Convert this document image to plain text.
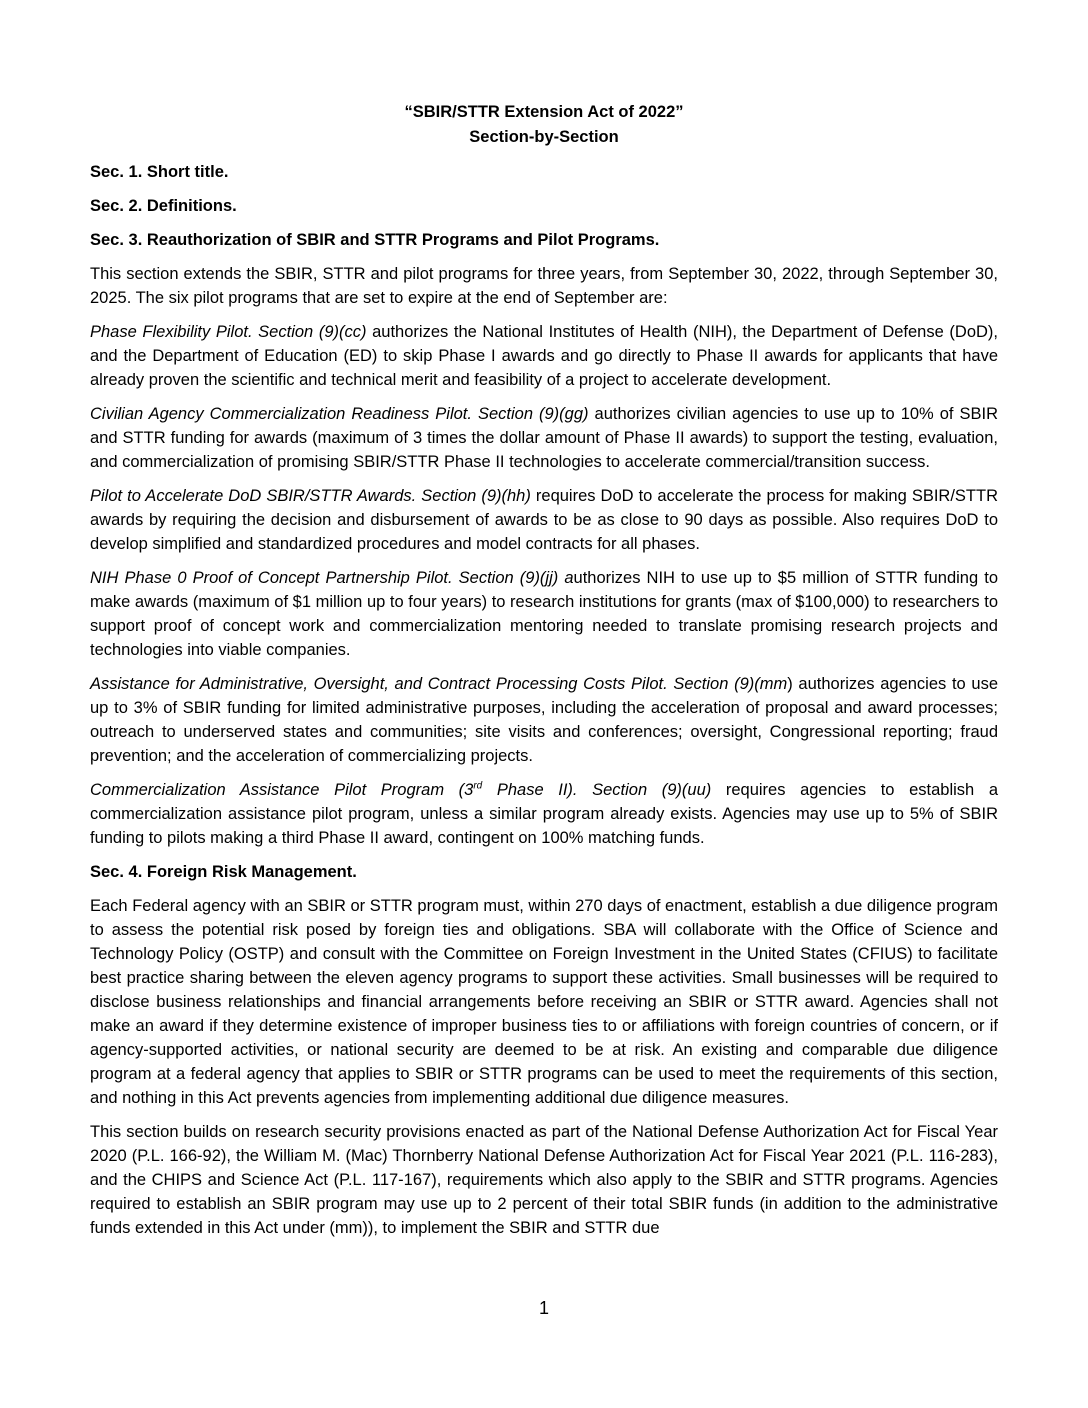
“SBIR/STTR Extension Act of 2022”
Section-by-Section
Sec. 1. Short title.
Sec. 2. Definitions.
Sec. 3. Reauthorization of SBIR and STTR Programs and Pilot Programs.

This section extends the SBIR, STTR and pilot programs for three years, from September 30, 2022, through September 30, 2025. The six pilot programs that are set to expire at the end of September are:

Phase Flexibility Pilot. Section (9)(cc) authorizes the National Institutes of Health (NIH), the Department of Defense (DoD), and the Department of Education (ED) to skip Phase I awards and go directly to Phase II awards for applicants that have already proven the scientific and technical merit and feasibility of a project to accelerate development.

Civilian Agency Commercialization Readiness Pilot. Section (9)(gg) authorizes civilian agencies to use up to 10% of SBIR and STTR funding for awards (maximum of 3 times the dollar amount of Phase II awards) to support the testing, evaluation, and commercialization of promising SBIR/STTR Phase II technologies to accelerate commercial/transition success.

Pilot to Accelerate DoD SBIR/STTR Awards. Section (9)(hh) requires DoD to accelerate the process for making SBIR/STTR awards by requiring the decision and disbursement of awards to be as close to 90 days as possible. Also requires DoD to develop simplified and standardized procedures and model contracts for all phases.

NIH Phase 0 Proof of Concept Partnership Pilot. Section (9)(jj) authorizes NIH to use up to $5 million of STTR funding to make awards (maximum of $1 million up to four years) to research institutions for grants (max of $100,000) to researchers to support proof of concept work and commercialization mentoring needed to translate promising research projects and technologies into viable companies.

Assistance for Administrative, Oversight, and Contract Processing Costs Pilot. Section (9)(mm) authorizes agencies to use up to 3% of SBIR funding for limited administrative purposes, including the acceleration of proposal and award processes; outreach to underserved states and communities; site visits and conferences; oversight, Congressional reporting; fraud prevention; and the acceleration of commercializing projects.

Commercialization Assistance Pilot Program (3rd Phase II). Section (9)(uu) requires agencies to establish a commercialization assistance pilot program, unless a similar program already exists. Agencies may use up to 5% of SBIR funding to pilots making a third Phase II award, contingent on 100% matching funds.

Sec. 4. Foreign Risk Management.

Each Federal agency with an SBIR or STTR program must, within 270 days of enactment, establish a due diligence program to assess the potential risk posed by foreign ties and obligations. SBA will collaborate with the Office of Science and Technology Policy (OSTP) and consult with the Committee on Foreign Investment in the United States (CFIUS) to facilitate best practice sharing between the eleven agency programs to support these activities. Small businesses will be required to disclose business relationships and financial arrangements before receiving an SBIR or STTR award. Agencies shall not make an award if they determine existence of improper business ties to or affiliations with foreign countries of concern, or if agency-supported activities, or national security are deemed to be at risk. An existing and comparable due diligence program at a federal agency that applies to SBIR or STTR programs can be used to meet the requirements of this section, and nothing in this Act prevents agencies from implementing additional due diligence measures.

This section builds on research security provisions enacted as part of the National Defense Authorization Act for Fiscal Year 2020 (P.L. 166-92), the William M. (Mac) Thornberry National Defense Authorization Act for Fiscal Year 2021 (P.L. 116-283), and the CHIPS and Science Act (P.L. 117-167), requirements which also apply to the SBIR and STTR programs. Agencies required to establish an SBIR program may use up to 2 percent of their total SBIR funds (in addition to the administrative funds extended in this Act under (mm)), to implement the SBIR and STTR due

1
